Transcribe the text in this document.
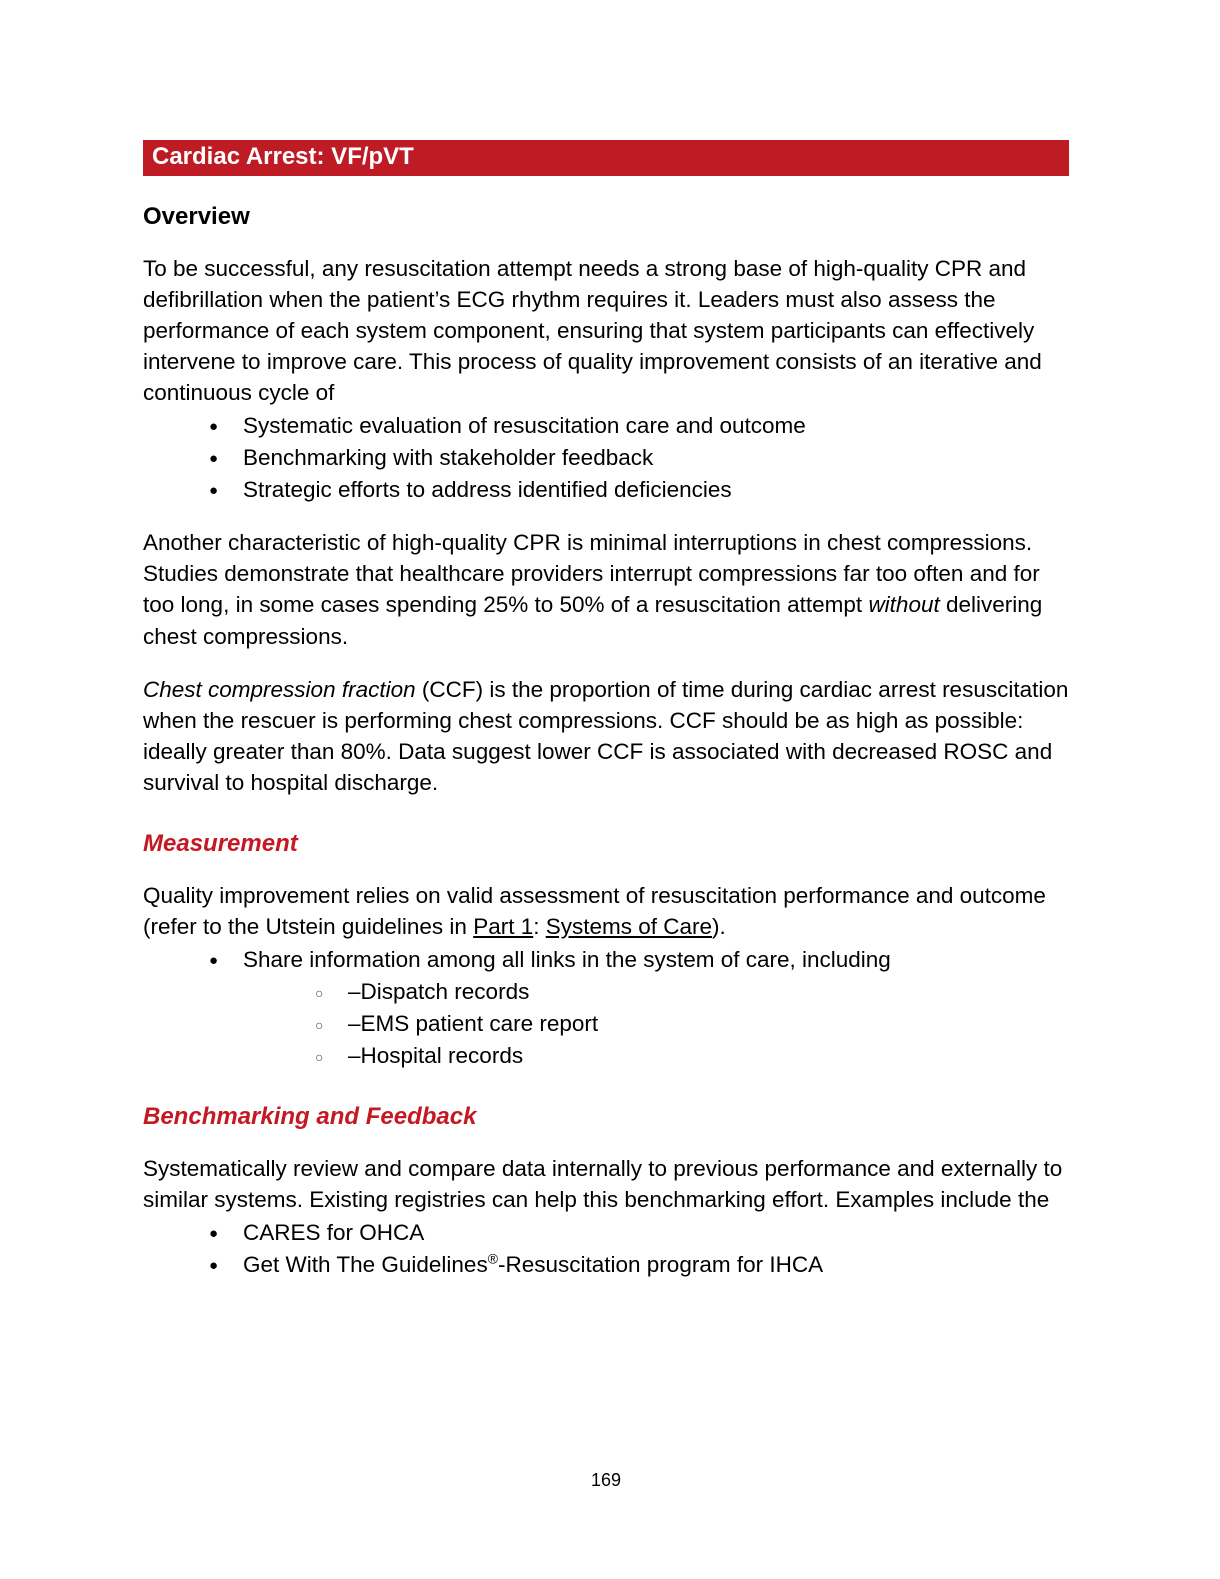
Cardiac Arrest: VF/pVT
Overview

To be successful, any resuscitation attempt needs a strong base of high-quality CPR and defibrillation when the patient’s ECG rhythm requires it. Leaders must also assess the performance of each system component, ensuring that system participants can effectively intervene to improve care. This process of quality improvement consists of an iterative and continuous cycle of

● Systematic evaluation of resuscitation care and outcome
● Benchmarking with stakeholder feedback
● Strategic efforts to address identified deficiencies

Another characteristic of high-quality CPR is minimal interruptions in chest compressions. Studies demonstrate that healthcare providers interrupt compressions far too often and for too long, in some cases spending 25% to 50% of a resuscitation attempt without delivering chest compressions.

Chest compression fraction (CCF) is the proportion of time during cardiac arrest resuscitation when the rescuer is performing chest compressions. CCF should be as high as possible: ideally greater than 80%. Data suggest lower CCF is associated with decreased ROSC and survival to hospital discharge.

Measurement

Quality improvement relies on valid assessment of resuscitation performance and outcome (refer to the Utstein guidelines in Part 1: Systems of Care).

● Share information among all links in the system of care, including
○ –Dispatch records
○ –EMS patient care report
○ –Hospital records
Benchmarking and Feedback

Systematically review and compare data internally to previous performance and externally to similar systems. Existing registries can help this benchmarking effort. Examples include the

● CARES for OHCA
● Get With The Guidelines®-Resuscitation program for IHCA
169
